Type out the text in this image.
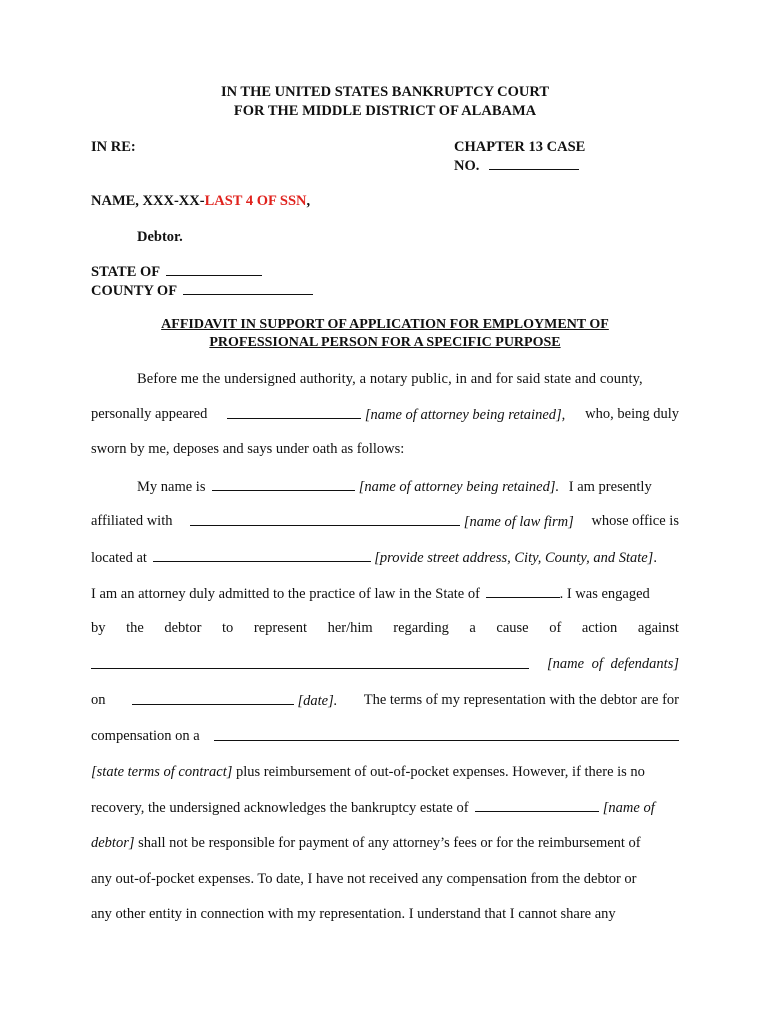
IN THE UNITED STATES BANKRUPTCY COURT
FOR THE MIDDLE DISTRICT OF ALABAMA
IN RE:	CHAPTER 13 CASE
NO.
NAME, XXX-XX-LAST 4 OF SSN,
Debtor.
STATE OF
COUNTY OF
AFFIDAVIT IN SUPPORT OF APPLICATION FOR EMPLOYMENT OF
PROFESSIONAL PERSON FOR A SPECIFIC PURPOSE
Before me the undersigned authority, a notary public, in and for said state and county,
personally appeared	[name of attorney being retained], who, being duly
sworn by me, deposes and says under oath as follows:
My name is	[name of attorney being retained]. I am presently
affiliated with	[name of law firm] whose office is
located at	[provide street address, City, County, and State].
I am an attorney duly admitted to the practice of law in the State of	. I was engaged
by the debtor to represent her/him regarding a cause of action against
[name of defendants]
on	[date]. The terms of my representation with the debtor are for
compensation on a
[state terms of contract] plus reimbursement of out-of-pocket expenses. However, if there is no
recovery, the undersigned acknowledges the bankruptcy estate of	[name of
debtor] shall not be responsible for payment of any attorney’s fees or for the reimbursement of
any out-of-pocket expenses. To date, I have not received any compensation from the debtor or
any other entity in connection with my representation. I understand that I cannot share any
